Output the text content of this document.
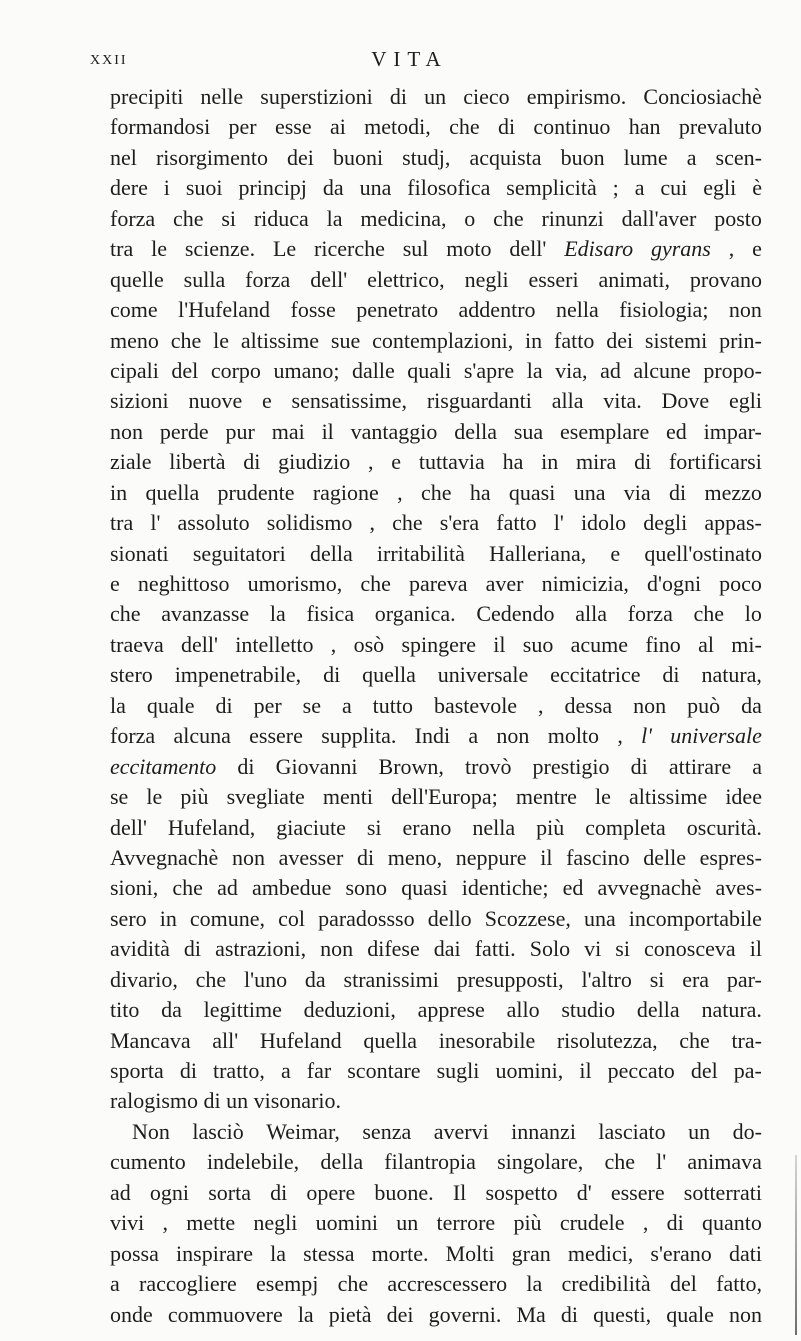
XXII	VITA
precipiti nelle superstizioni di un cieco empirismo. Conciosiachè
formandosi per esse ai metodi, che di continuo han prevaluto
nel risorgimento dei buoni studj, acquista buon lume a scen-
dere i suoi principj da una filosofica semplicità ; a cui egli è
forza che si riduca la medicina, o che rinunzi dall'aver posto
tra le scienze. Le ricerche sul moto dell' Edisaro gyrans , e
quelle sulla forza dell' elettrico, negli esseri animati, provano
come l'Hufeland fosse penetrato addentro nella fisiologia; non
meno che le altissime sue contemplazioni, in fatto dei sistemi prin-
cipali del corpo umano; dalle quali s'apre la via, ad alcune propo-
sizioni nuove e sensatissime, risguardanti alla vita. Dove egli
non perde pur mai il vantaggio della sua esemplare ed impar-
ziale libertà di giudizio , e tuttavia ha in mira di fortificarsi
in quella prudente ragione , che ha quasi una via di mezzo
tra l' assoluto solidismo , che s'era fatto l' idolo degli appas-
sionati seguitatori della irritabilità Halleriana, e quell'ostinato
e neghittoso umorismo, che pareva aver nimicizia, d'ogni poco
che avanzasse la fisica organica. Cedendo alla forza che lo
traeva dell' intelletto , osò spingere il suo acume fino al mi-
stero impenetrabile, di quella universale eccitatrice di natura,
la quale di per se a tutto bastevole , dessa non può da
forza alcuna essere supplita. Indi a non molto , l' universale
eccitamento di Giovanni Brown, trovò prestigio di attirare a
se le più svegliate menti dell'Europa; mentre le altissime idee
dell' Hufeland, giaciute si erano nella più completa oscurità.
Avvegnachè non avesser di meno, neppure il fascino delle espres-
sioni, che ad ambedue sono quasi identiche; ed avvegnachè aves-
sero in comune, col paradossso dello Scozzese, una incomportabile
avidità di astrazioni, non difese dai fatti. Solo vi si conosceva il
divario, che l'uno da stranissimi presupposti, l'altro si era par-
tito da legittime deduzioni, apprese allo studio della natura.
Mancava all' Hufeland quella inesorabile risolutezza, che tra-
sporta di tratto, a far scontare sugli uomini, il peccato del pa-
ralogismo di un visonario.
Non lasciò Weimar, senza avervi innanzi lasciato un do-
cumento indelebile, della filantropia singolare, che l' animava
ad ogni sorta di opere buone. Il sospetto d' essere sotterrati
vivi , mette negli uomini un terrore più crudele , di quanto
possa inspirare la stessa morte. Molti gran medici, s'erano dati
a raccogliere esempj che accrescessero la credibilità del fatto,
onde commuovere la pietà dei governi. Ma di questi, quale non
